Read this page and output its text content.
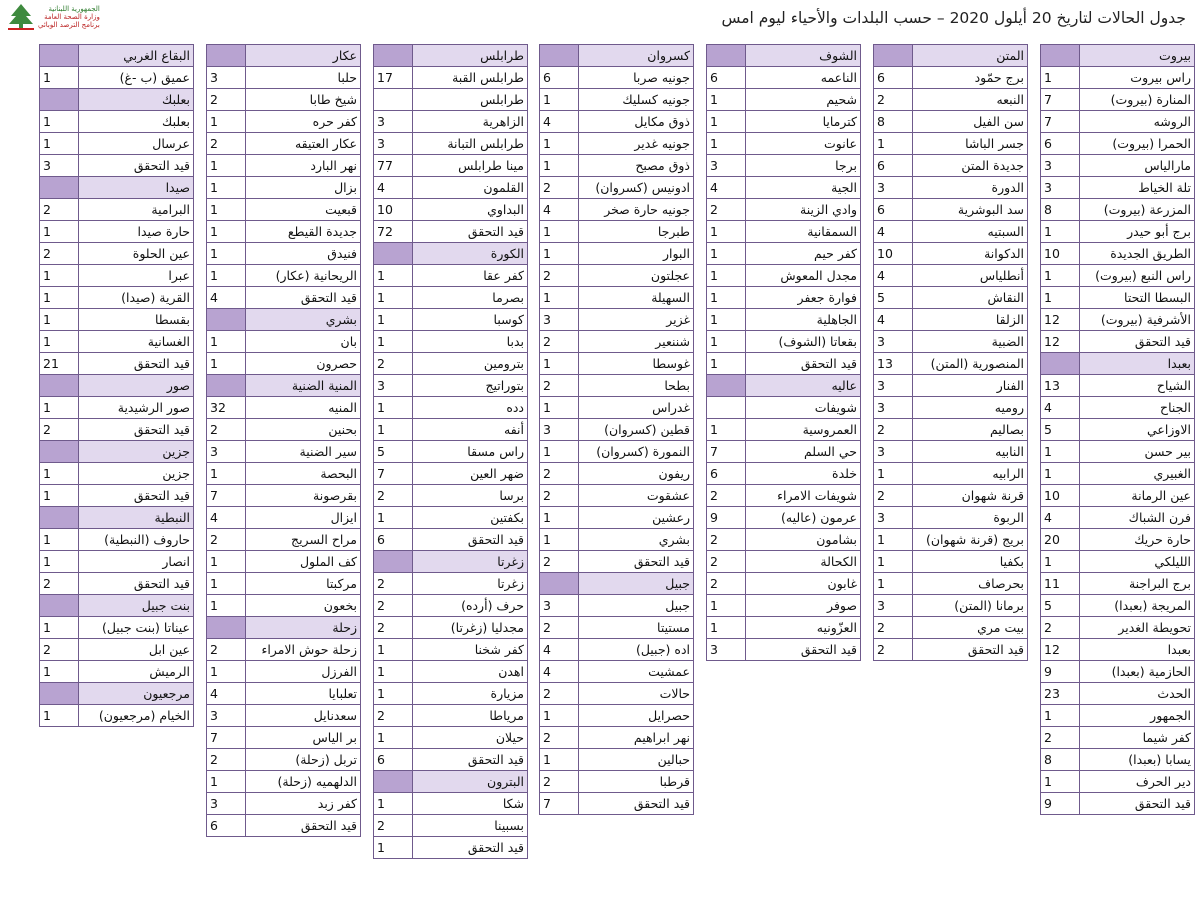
الجمهورية اللبنانية
وزارة الصحة العامة
برنامج الترصد الوبائي	جدول الحالات لتاريخ 20 أيلول 2020 – حسب البلدات والأحياء ليوم امس
بيروت	
راس بيروت	1
المنارة (بيروت)	7
الروشه	7
الحمرا (بيروت)	6
مارالياس	3
تلة الخياط	3
المزرعة (بيروت)	8
برج أبو حيدر	1
الطريق الجديدة	10
راس النبع (بيروت)	1
البسطا التحتا	1
الأشرفية (بيروت)	12
قيد التحقق	12
بعبدا	
الشياح	13
الجناح	4
الاوزاعي	5
بير حسن	1
الغبيري	1
عين الرمانة	10
فرن الشباك	4
حارة حريك	20
الليلكي	1
برج البراجنة	11
المريجة (بعبدا)	5
تحويطة الغدير	2
بعبدا	12
الحازمية (بعبدا)	9
الحدث	23
الجمهور	1
كفر شيما	2
يسابا (بعبدا)	8
دير الحرف	1
قيد التحقق	9
المتن	
برج حمّود	6
النبعه	2
سن الفيل	8
جسر الباشا	1
جديدة المتن	6
الدورة	3
سد البوشرية	6
السبتيه	4
الدكوانة	10
أنطلياس	4
النقاش	5
الزلقا	4
الضبية	3
المنصورية (المتن)	13
الفنار	3
روميه	3
بصاليم	2
النابيه	3
الرابيه	1
قرنة شهوان	2
الربوة	3
بريج (قرنة شهوان)	1
بكفيا	1
بحرصاف	1
برمانا (المتن)	3
بيت مري	2
قيد التحقق	2
الشوف	
الناعمه	6
شحيم	1
كترمايا	1
عانوت	1
برجا	3
الجية	4
وادي الزينة	2
السمقانية	1
كفر حيم	1
مجدل المعوش	1
فوارة جعفر	1
الجاهلية	1
بقعاتا (الشوف)	1
قيد التحقق	1
عاليه	
شويفات	
العمروسية	1
حي السلم	7
خلدة	6
شويفات الامراء	2
عرمون (عاليه)	9
بشامون	2
الكحالة	2
غابون	2
صوفر	1
العزّونيه	1
قيد التحقق	3
كسروان	
جونيه صربا	6
جونيه كسليك	1
ذوق مكايل	4
جونيه غدير	1
ذوق مصبح	1
ادونيس (كسروان)	2
جونيه حارة صخر	4
طبرجا	1
البوار	1
عجلتون	2
السهيلة	1
غزير	3
شننعير	2
غوسطا	1
بطحا	2
غدراس	1
قطين (كسروان)	3
النمورة (كسروان)	1
ريفون	2
عشقوت	2
رعشين	1
بشري	1
قيد التحقق	2
جبيل	
جبيل	3
مستيتا	2
اده (جبيل)	4
عمشيت	4
حالات	2
حصرايل	1
نهر ابراهيم	2
حبالين	1
قرطبا	2
قيد التحقق	7
طرابلس	
طرابلس القبة	17
طرابلس	
الزاهرية	3
طرابلس التبانة	3
مينا طرابلس	77
القلمون	4
البداوي	10
قيد التحقق	72
الكورة	
كفر عقا	1
بصرما	1
كوسبا	1
بدبا	1
بترومين	2
بتوراتيج	3
دده	1
أنفه	1
راس مسقا	5
ضهر العين	7
برسا	2
بكفتين	1
قيد التحقق	6
زغرتا	
زغرتا	2
حرف (أرده)	2
مجدليا (زغرتا)	2
كفر شخنا	1
اهدن	1
مزيارة	1
مرياطا	2
حيلان	1
قيد التحقق	6
البترون	
شكا	1
بسبينا	2
قيد التحقق	1
عكار	
حلبا	3
شيخ طابا	2
كفر حره	1
عكار العتيقه	2
نهر البارد	1
بزال	1
قبعيت	1
جديدة القيطع	1
فنيدق	1
الريحانية (عكار)	1
قيد التحقق	4
بشري	
بان	1
حصرون	1
المنية الضنية	
المنيه	32
بحنين	2
سير الضنية	3
البحصة	1
بقرصونة	7
ايزال	4
مراح السريج	2
كف الملول	1
مركبتا	1
بخعون	1
زحلة	
زحلة حوش الامراء	2
الفرزل	1
تعلبايا	4
سعدنايل	3
بر الياس	7
تربل (زحلة)	2
الدلهميه (زحلة)	1
كفر زبد	3
قيد التحقق	6
البقاع الغربي	
عميق (ب -غ)	1
بعلبك	
بعلبك	1
عرسال	1
قيد التحقق	3
صيدا	
البرامية	2
حارة صيدا	1
عين الحلوة	2
عبرا	1
القرية (صيدا)	1
بقسطا	1
الغسانية	1
قيد التحقق	21
صور	
صور الرشيدية	1
قيد التحقق	2
جزين	
جزين	1
قيد التحقق	1
النبطية	
حاروف (النبطية)	1
انصار	1
قيد التحقق	2
بنت جبيل	
عيناتا (بنت جبيل)	1
عين ابل	2
الرميش	1
مرجعيون	
الخيام (مرجعيون)	1
